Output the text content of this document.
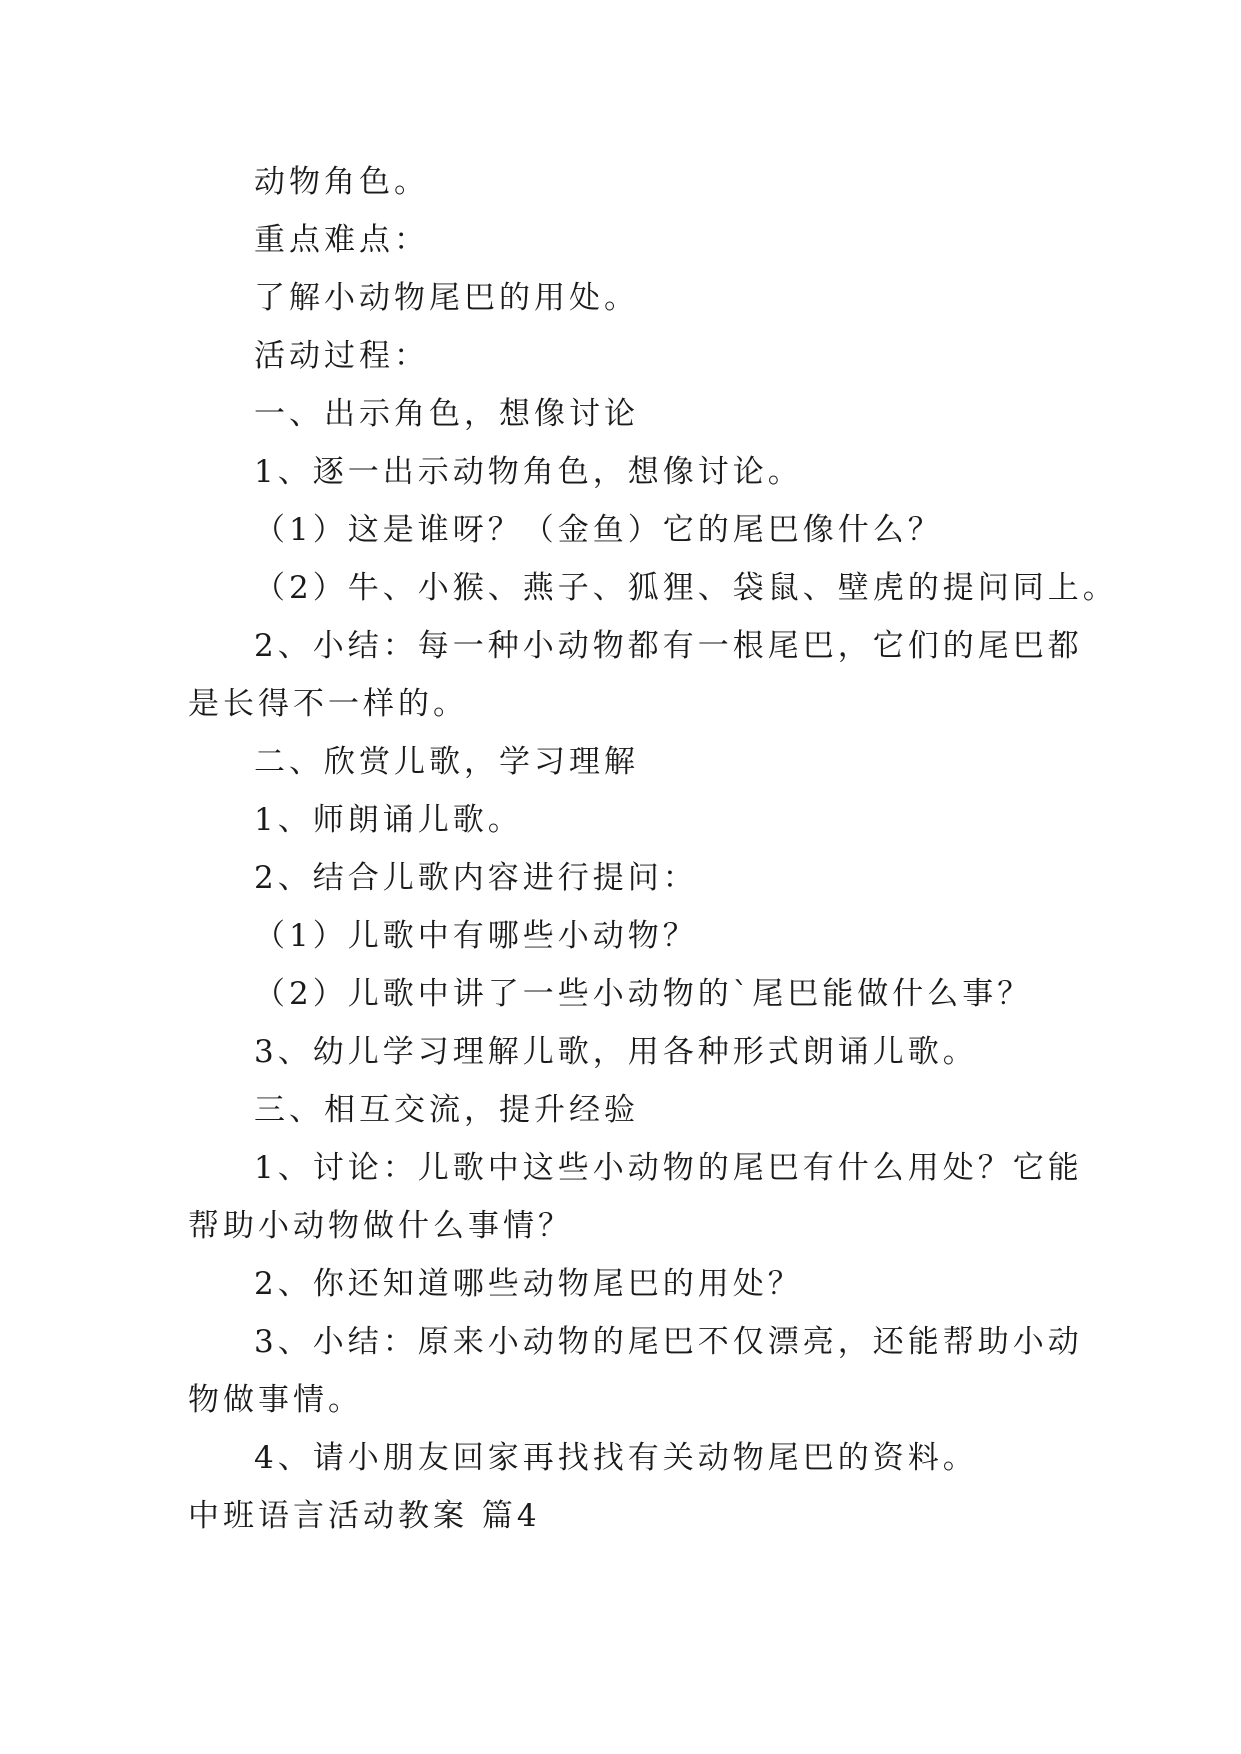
动物角色。
重点难点：
了解小动物尾巴的用处。
活动过程：
一、出示角色，想像讨论
1、逐一出示动物角色，想像讨论。
（1）这是谁呀？（金鱼）它的尾巴像什么？
（2）牛、小猴、燕子、狐狸、袋鼠、壁虎的提问同上。
2、小结：每一种小动物都有一根尾巴，它们的尾巴都
是长得不一样的。
二、欣赏儿歌，学习理解
1、师朗诵儿歌。
2、结合儿歌内容进行提问：
（1）儿歌中有哪些小动物？
（2）儿歌中讲了一些小动物的`尾巴能做什么事？
3、幼儿学习理解儿歌，用各种形式朗诵儿歌。
三、相互交流，提升经验
1、讨论：儿歌中这些小动物的尾巴有什么用处？它能
帮助小动物做什么事情？
2、你还知道哪些动物尾巴的用处？
3、小结：原来小动物的尾巴不仅漂亮，还能帮助小动
物做事情。
4、请小朋友回家再找找有关动物尾巴的资料。
中班语言活动教案 篇4
